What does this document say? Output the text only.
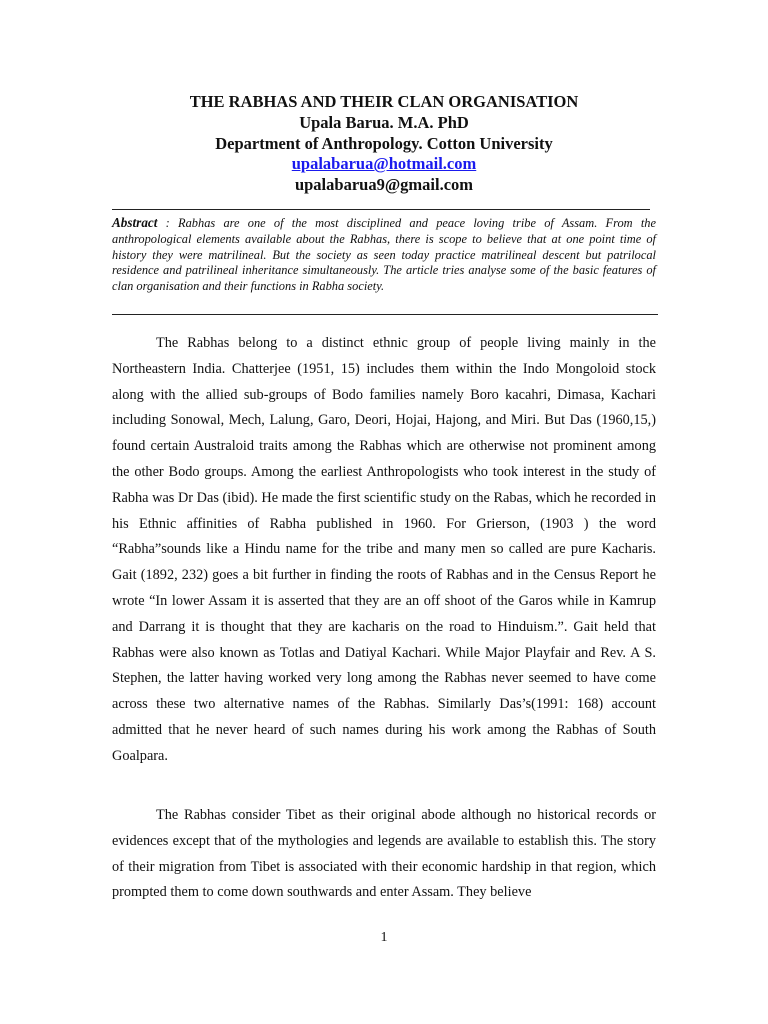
THE RABHAS AND THEIR CLAN ORGANISATION
Upala Barua. M.A. PhD
Department of Anthropology. Cotton University
upalabarua@hotmail.com
upalabarua9@gmail.com
Abstract : Rabhas are one of the most disciplined and peace loving tribe of Assam. From the anthropological elements available about the Rabhas, there is scope to believe that at one point time of history they were matrilineal. But the society as seen today practice matrilineal descent but patrilocal residence and patrilineal inheritance simultaneously. The article tries analyse some of the basic features of clan organisation and their functions in Rabha society.

The Rabhas belong to a distinct ethnic group of people living mainly in the Northeastern India. Chatterjee (1951, 15) includes them within the Indo Mongoloid stock along with the allied sub-groups of Bodo families namely Boro kacahri, Dimasa, Kachari including Sonowal, Mech, Lalung, Garo, Deori, Hojai, Hajong, and Miri. But Das (1960,15,) found certain Australoid traits among the Rabhas which are otherwise not prominent among the other Bodo groups. Among the earliest Anthropologists who took interest in the study of Rabha was Dr Das (ibid). He made the first scientific study on the Rabas, which he recorded in his Ethnic affinities of Rabha published in 1960. For Grierson, (1903 ) the word “Rabha”sounds like a Hindu name for the tribe and many men so called are pure Kacharis. Gait (1892, 232) goes a bit further in finding the roots of Rabhas and in the Census Report he wrote “In lower Assam it is asserted that they are an off shoot of the Garos while in Kamrup and Darrang it is thought that they are kacharis on the road to Hinduism.”. Gait held that Rabhas were also known as Totlas and Datiyal Kachari. While Major Playfair and Rev. A S. Stephen, the latter having worked very long among the Rabhas never seemed to have come across these two alternative names of the Rabhas. Similarly Das’s(1991: 168) account admitted that he never heard of such names during his work among the Rabhas of South Goalpara.

The Rabhas consider Tibet as their original abode although no historical records or evidences except that of the mythologies and legends are available to establish this. The story of their migration from Tibet is associated with their economic hardship in that region, which prompted them to come down southwards and enter Assam. They believe

1
